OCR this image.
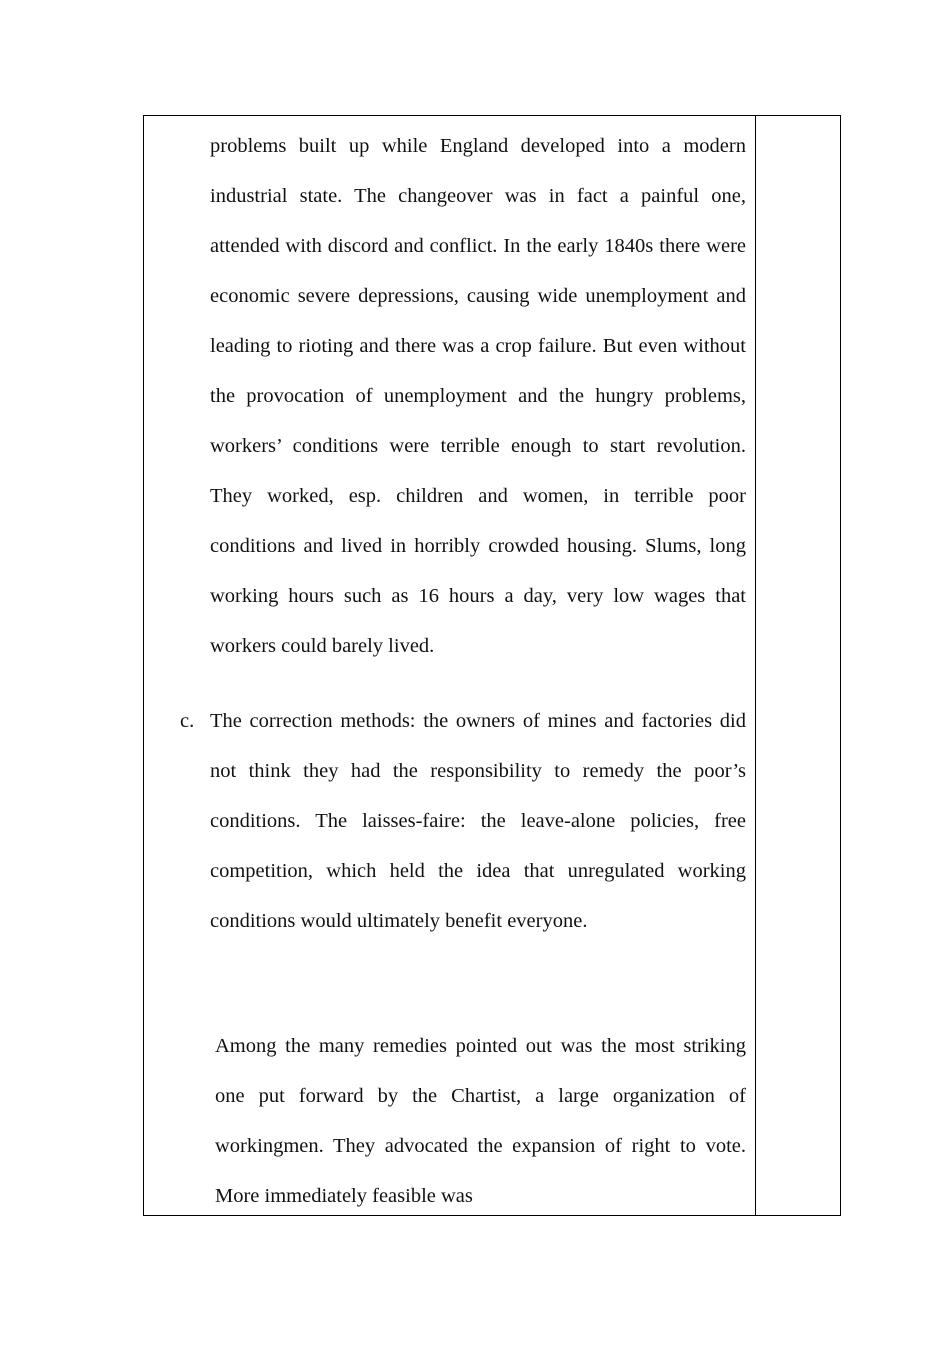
problems built up while England developed into a modern industrial state. The changeover was in fact a painful one, attended with discord and conflict. In the early 1840s there were economic severe depressions, causing wide unemployment and leading to rioting and there was a crop failure. But even without the provocation of unemployment and the hungry problems, workers’ conditions were terrible enough to start revolution. They worked, esp. children and women, in terrible poor conditions and lived in horribly crowded housing. Slums, long working hours such as 16 hours a day, very low wages that workers could barely lived.
c. The correction methods: the owners of mines and factories did not think they had the responsibility to remedy the poor’s conditions. The laisses-faire: the leave-alone policies, free competition, which held the idea that unregulated working conditions would ultimately benefit everyone.
Among the many remedies pointed out was the most striking one put forward by the Chartist, a large organization of workingmen. They advocated the expansion of right to vote. More immediately feasible was
